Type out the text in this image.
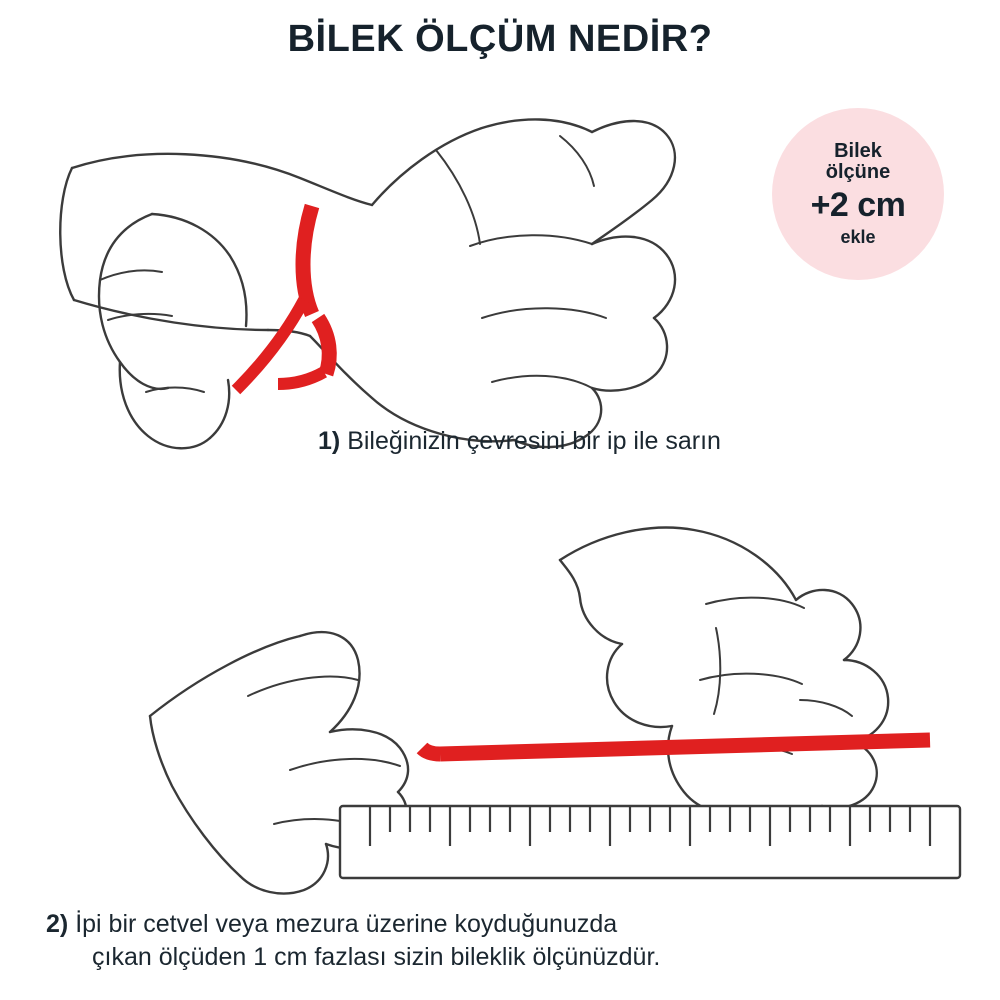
BİLEK ÖLÇÜM NEDİR?
Bilek
ölçüne
+2 cm
ekle
1) Bileğinizin çevresini bir ip ile sarın
2) İpi bir cetvel veya mezura üzerine koyduğunuzda
çıkan ölçüden 1 cm fazlası sizin bileklik ölçünüzdür.
